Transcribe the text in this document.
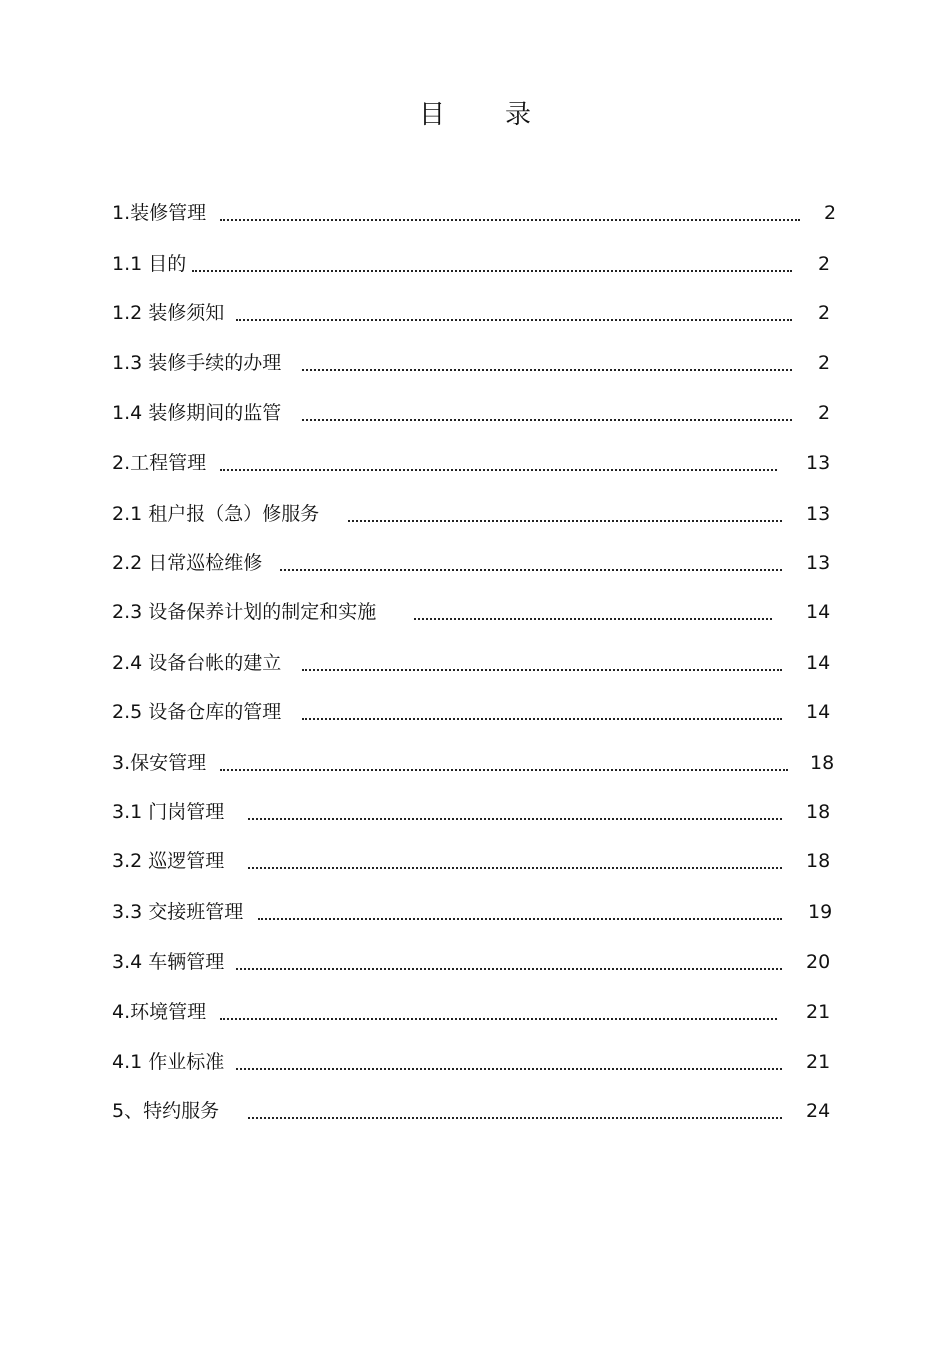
目 录
1.装修管理	2
1.1 目的	2
1.2 装修须知	2
1.3 装修手续的办理	2
1.4 装修期间的监管	2
2.工程管理	13
2.1 租户报（急）修服务	13
2.2 日常巡检维修	13
2.3 设备保养计划的制定和实施	14
2.4 设备台帐的建立	14
2.5 设备仓库的管理	14
3.保安管理	18
3.1 门岗管理	18
3.2 巡逻管理	18
3.3 交接班管理	19
3.4 车辆管理	20
4.环境管理	21
4.1 作业标准	21
5、特约服务	24
